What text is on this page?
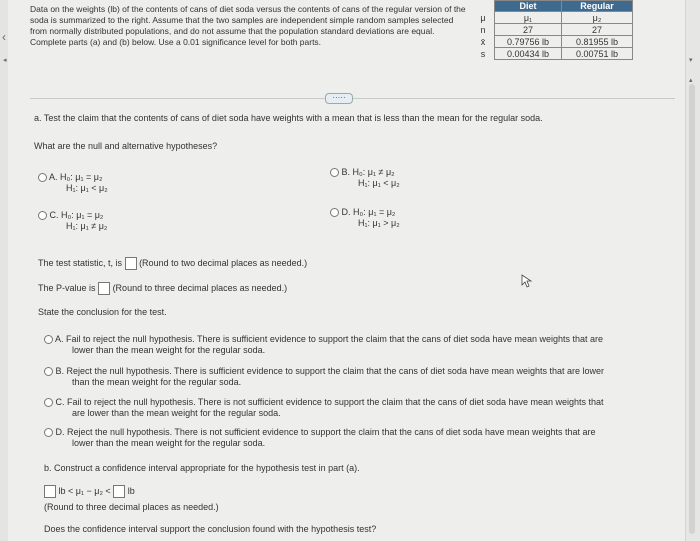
‹
◂
Data on the weights (lb) of the contents of cans of diet soda versus the contents of cans of the regular version of the soda is summarized to the right. Assume that the two samples are independent simple random samples selected from normally distributed populations, and do not assume that the population standard deviations are equal. Complete parts (a) and (b) below. Use a 0.01 significance level for both parts.
	Diet	Regular
μ	μ₁	μ₂
n	27	27
x̄	0.79756 lb	0.81955 lb
s	0.00434 lb	0.00751 lb
·····
a. Test the claim that the contents of cans of diet soda have weights with a mean that is less than the mean for the regular soda.
What are the null and alternative hypotheses?
A. H₀: μ₁ = μ₂
H₁: μ₁ < μ₂
B. H₀: μ₁ ≠ μ₂
H₁: μ₁ < μ₂
C. H₀: μ₁ = μ₂
H₁: μ₁ ≠ μ₂
D. H₀: μ₁ = μ₂
H₁: μ₁ > μ₂
The test statistic, t, is (Round to two decimal places as needed.)
The P-value is (Round to three decimal places as needed.)
State the conclusion for the test.
A. Fail to reject the null hypothesis. There is sufficient evidence to support the claim that the cans of diet soda have mean weights that are
lower than the mean weight for the regular soda.
B. Reject the null hypothesis. There is sufficient evidence to support the claim that the cans of diet soda have mean weights that are lower
than the mean weight for the regular soda.
C. Fail to reject the null hypothesis. There is not sufficient evidence to support the claim that the cans of diet soda have mean weights that
are lower than the mean weight for the regular soda.
D. Reject the null hypothesis. There is not sufficient evidence to support the claim that the cans of diet soda have mean weights that are
lower than the mean weight for the regular soda.
b. Construct a confidence interval appropriate for the hypothesis test in part (a).
lb < μ₁ − μ₂ < lb
(Round to three decimal places as needed.)
Does the confidence interval support the conclusion found with the hypothesis test?
▾
▴
